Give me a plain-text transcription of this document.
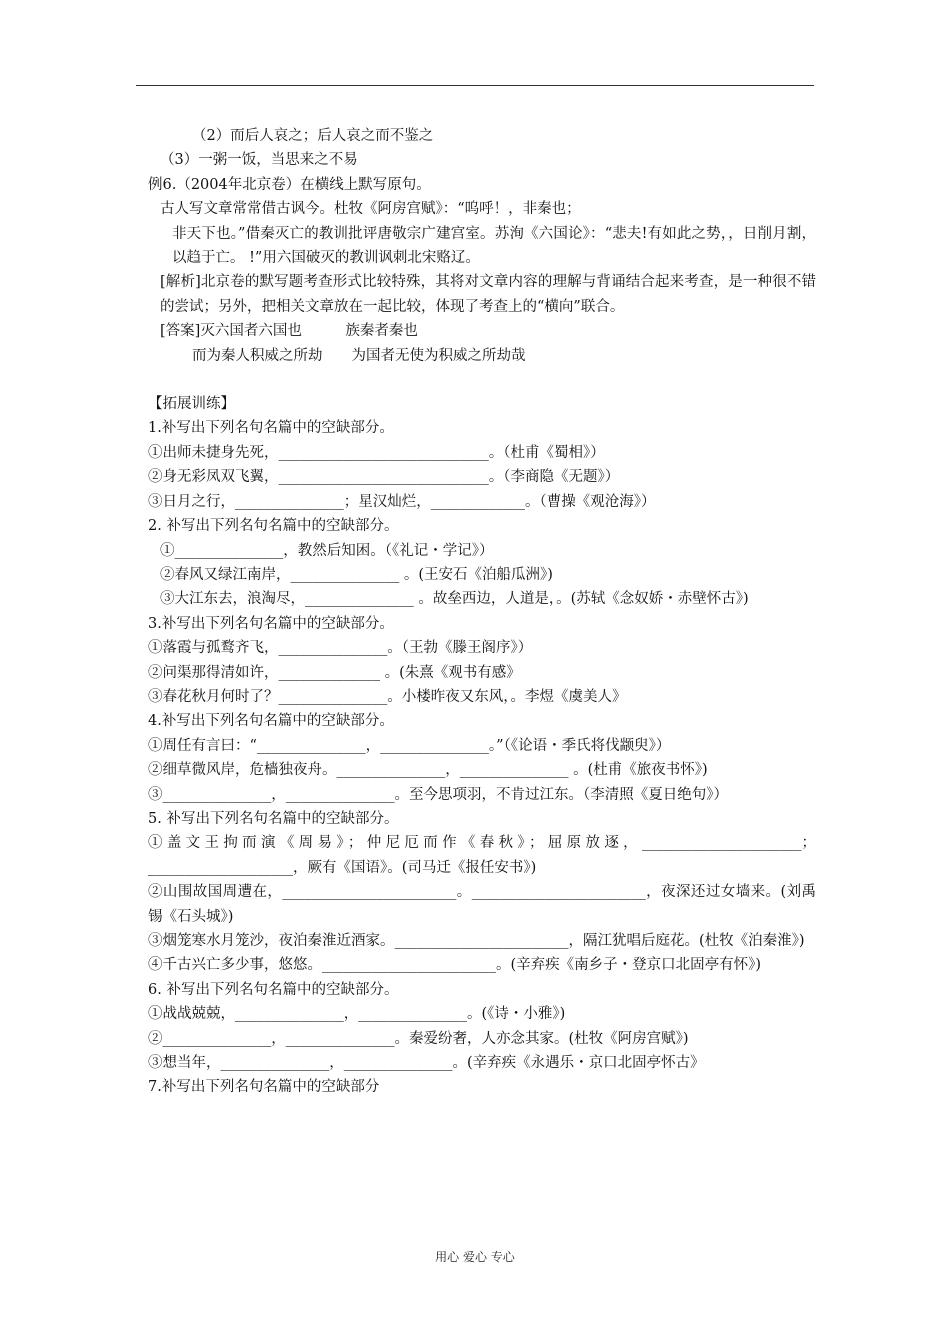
（2）而后人哀之；后人哀之而不鉴之

（3）一粥一饭，当思来之不易

例6.（2004年北京卷）在横线上默写原句。

古人写文章常常借古讽今。杜牧《阿房宫赋》：“呜呼！，非秦也；

非天下也。”借秦灭亡的教训批评唐敬宗广建宫室。苏洵《六国论》：“悲夫!有如此之势，，日削月割，以趋于亡。 !”用六国破灭的教训讽刺北宋赂辽。

[解析]北京卷的默写题考查形式比较特殊，其将对文章内容的理解与背诵结合起来考查，是一种很不错的尝试；另外，把相关文章放在一起比较，体现了考查上的“横向”联合。

[答案]灭六国者六国也　　　族秦者秦也

而为秦人积威之所劫　　为国者无使为积威之所劫哉

【拓展训练】

1.补写出下列名句名篇中的空缺部分。

①出师未捷身先死，_____________________________。（杜甫《蜀相》）

②身无彩凤双飞翼，_____________________________。（李商隐《无题》）

③日月之行，_______________；星汉灿烂，_____________。（曹操《观沧海》）

2. 补写出下列名句名篇中的空缺部分。

①_______________，教然后知困。（《礼记・学记》）

②春风又绿江南岸，_______________ 。(王安石《泊船瓜洲》)

③大江东去，浪淘尽，_______________ 。故垒西边，人道是，。(苏轼《念奴娇・赤壁怀古》)

3.补写出下列名句名篇中的空缺部分。

①落霞与孤鹜齐飞，_______________。（王勃《滕王阁序》）

②问渠那得清如许，______________ 。(朱熹《观书有感》

③春花秋月何时了？_______________。小楼昨夜又东风，。李煜《虞美人》

4.补写出下列名句名篇中的空缺部分。

①周任有言曰：“_______________，_______________。”（《论语・季氏将伐颛臾》）

②细草微风岸，危樯独夜舟。_______________，_______________ 。(杜甫《旅夜书怀》)

③_______________，_______________。至今思项羽，不肯过江东。（李清照《夏日绝句》）

5. 补写出下列名句名篇中的空缺部分。

①盖文王拘而演《周易》；仲尼厄而作《春秋》；屈原放逐，______________________；____________________，厥有《国语》。(司马迁《报任安书》)

②山围故国周遭在，________________________。________________________，夜深还过女墙来。(刘禹锡《石头城》)

③烟笼寒水月笼沙，夜泊秦淮近酒家。________________________，隔江犹唱后庭花。(杜牧《泊秦淮》)

④千古兴亡多少事，悠悠。________________________。(辛弃疾《南乡子・登京口北固亭有怀》)

6. 补写出下列名句名篇中的空缺部分。

①战战兢兢，_______________，_______________。(《诗・小雅》)

②_______________，_______________。秦爱纷奢，人亦念其家。(杜牧《阿房宫赋》)

③想当年，_______________，_______________。(辛弃疾《永遇乐・京口北固亭怀古》

7.补写出下列名句名篇中的空缺部分

用心 爱心 专心
